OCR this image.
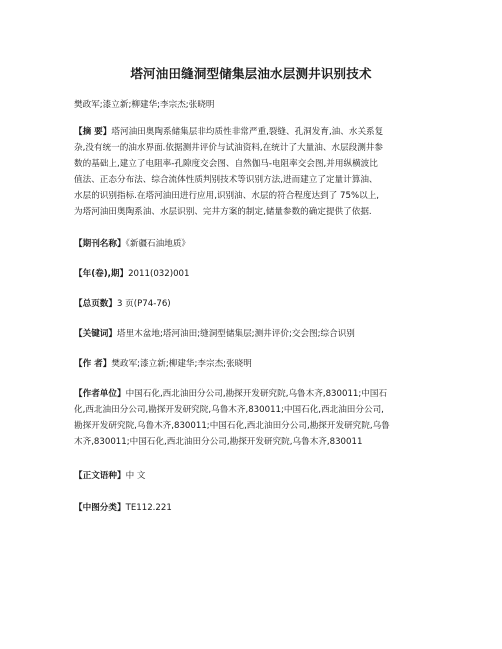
塔河油田缝洞型储集层油水层测井识别技术
樊政军;漆立新;柳建华;李宗杰;张晓明
【摘 要】塔河油田奥陶系储集层非均质性非常严重,裂缝、孔洞发育,油、水关系复
杂,没有统一的油水界面.依据测井评价与试油资料,在统计了大量油、水层段测井参
数的基础上,建立了电阻率-孔隙度交会图、自然伽马-电阻率交会图,并用纵横波比
值法、正态分布法、综合流体性质判别技术等识别方法,进而建立了定量计算油、
水层的识别指标.在塔河油田进行应用,识别油、水层的符合程度达到了 75%以上,
为塔河油田奥陶系油、水层识别、完井方案的制定,储量参数的确定提供了依据.
【期刊名称】《新疆石油地质》
【年(卷),期】2011(032)001
【总页数】3 页(P74-76)
【关键词】塔里木盆地;塔河油田;缝洞型储集层;测井评价;交会图;综合识别
【作 者】樊政军;漆立新;柳建华;李宗杰;张晓明
【作者单位】中国石化,西北油田分公司,勘探开发研究院,乌鲁木齐,830011;中国石
化,西北油田分公司,勘探开发研究院,乌鲁木齐,830011;中国石化,西北油田分公司,
勘探开发研究院,乌鲁木齐,830011;中国石化,西北油田分公司,勘探开发研究院,乌鲁
木齐,830011;中国石化,西北油田分公司,勘探开发研究院,乌鲁木齐,830011
【正文语种】中 文
【中图分类】TE112.221
